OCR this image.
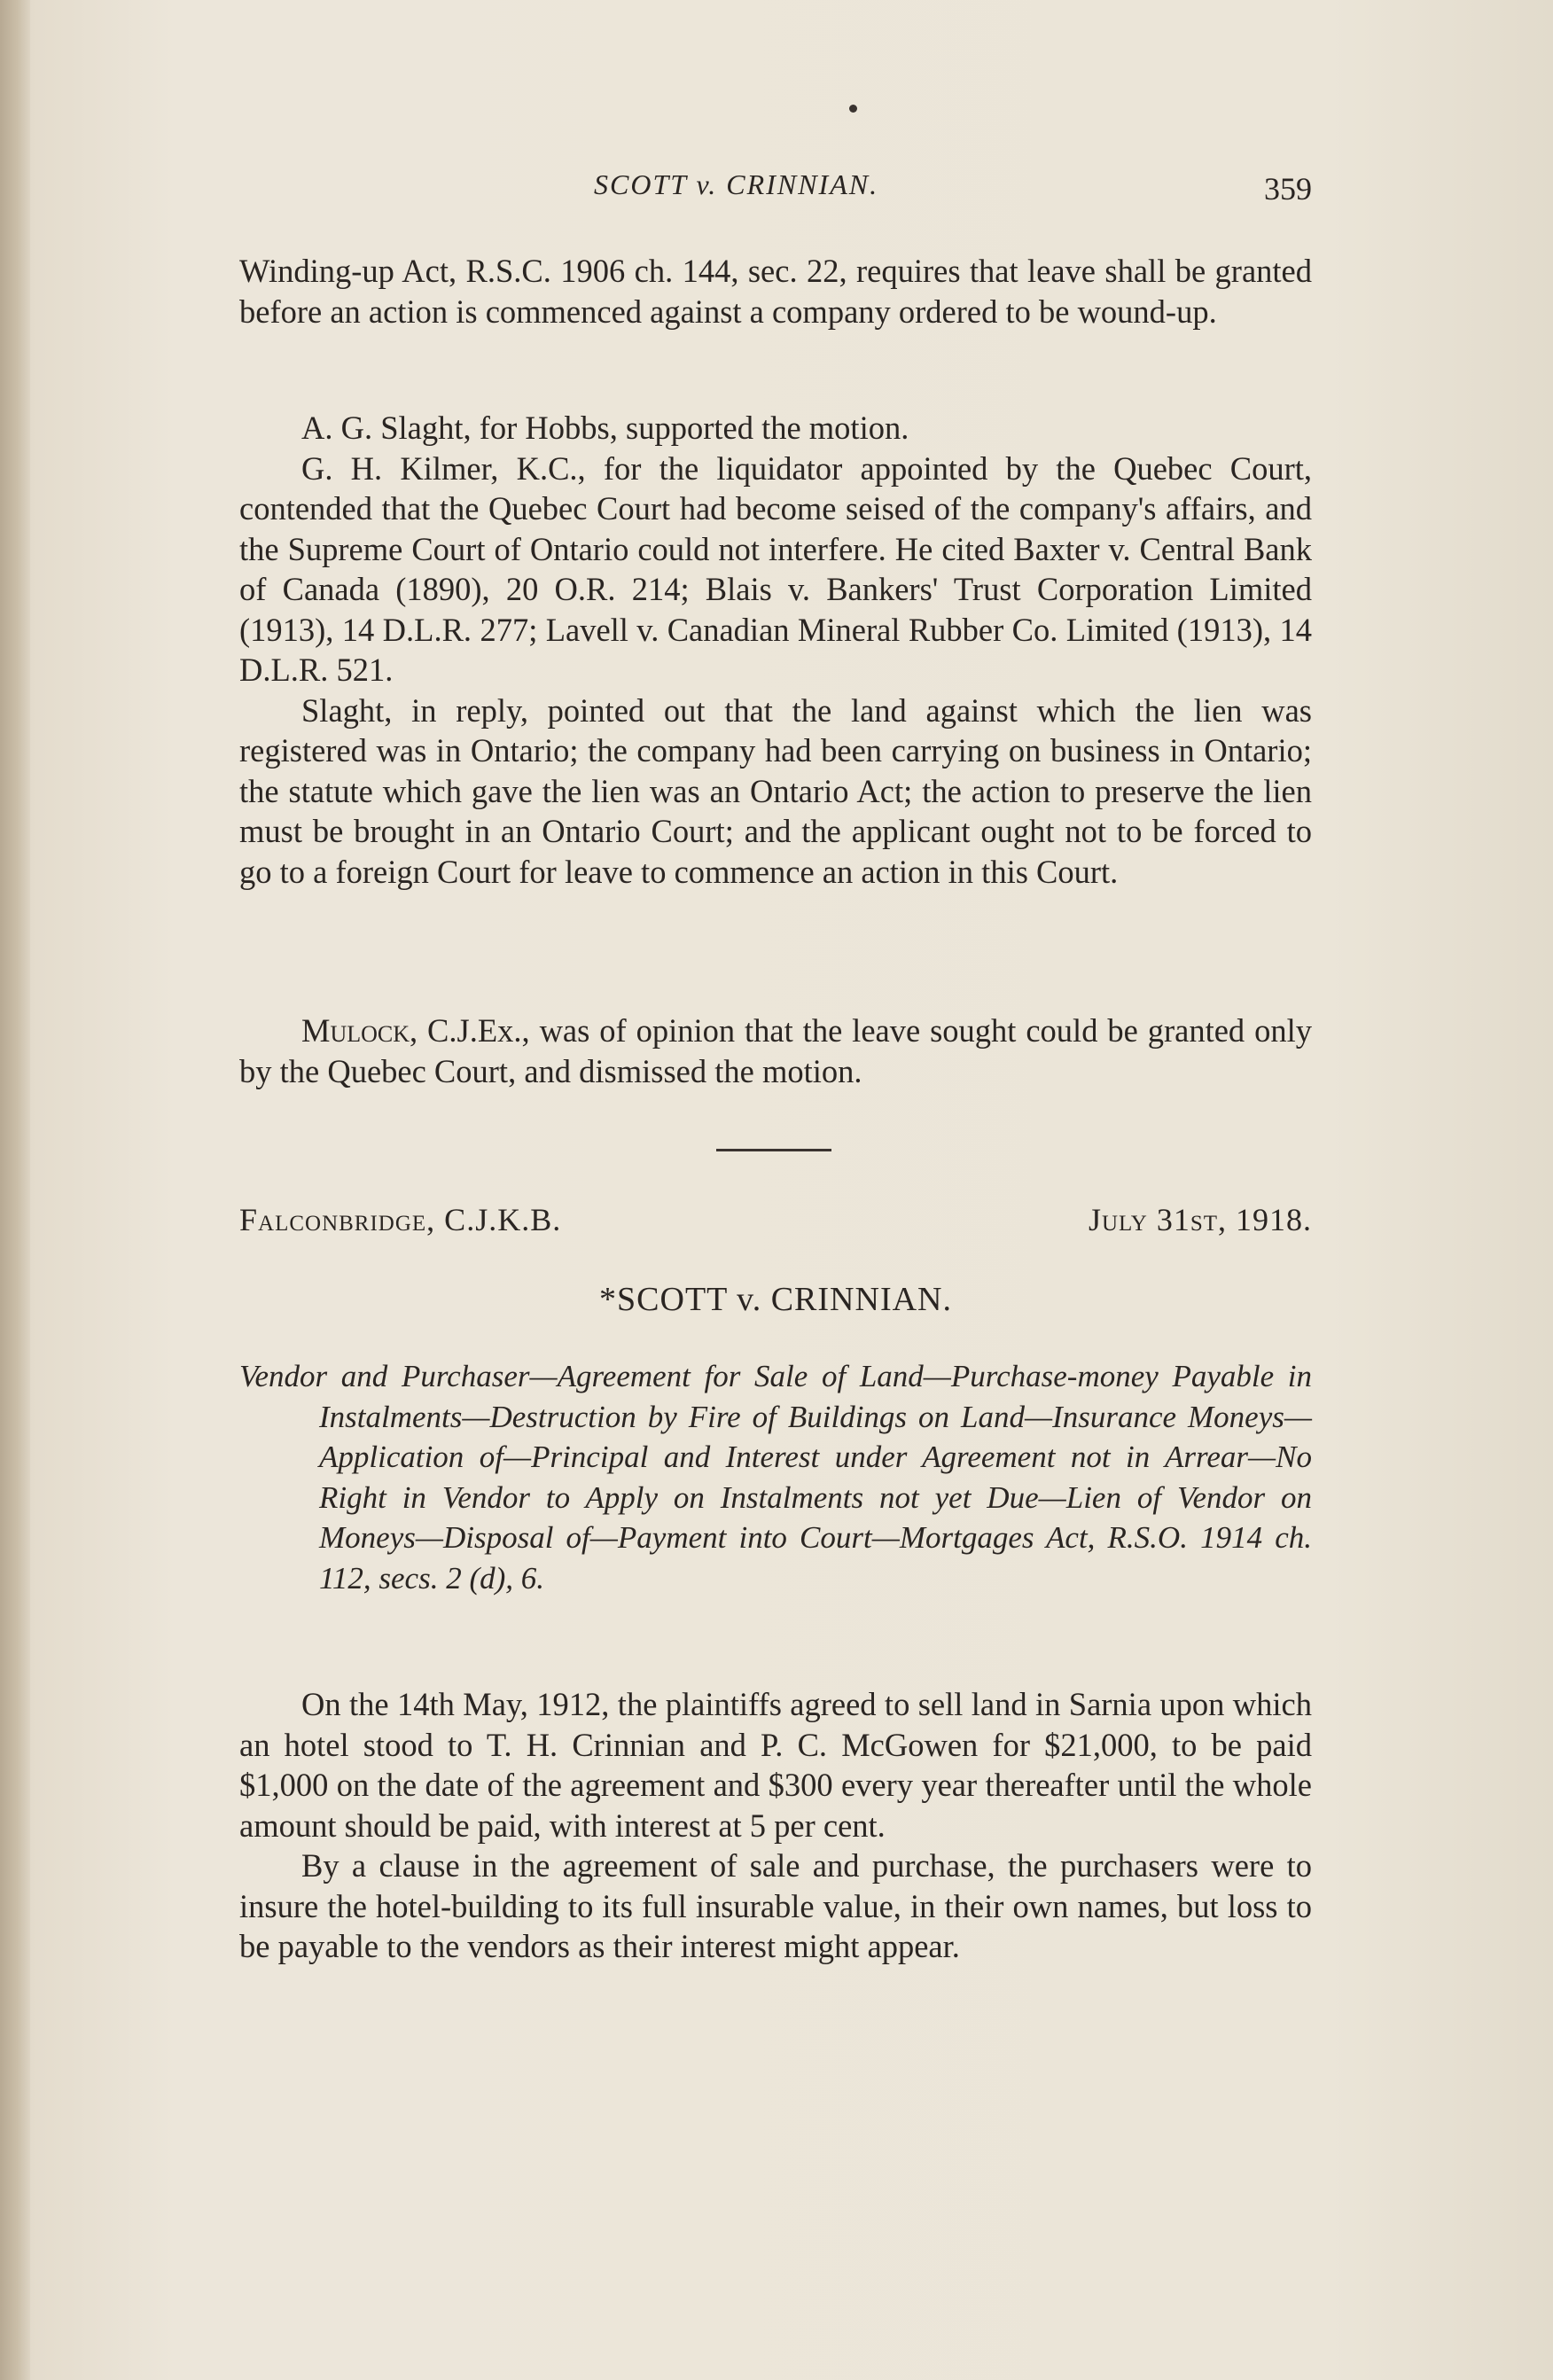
SCOTT v. CRINNIAN.	359

Winding-up Act, R.S.C. 1906 ch. 144, sec. 22, requires that leave shall be granted before an action is commenced against a company ordered to be wound-up.

A. G. Slaght, for Hobbs, supported the motion.

G. H. Kilmer, K.C., for the liquidator appointed by the Quebec Court, contended that the Quebec Court had become seised of the company's affairs, and the Supreme Court of Ontario could not interfere. He cited Baxter v. Central Bank of Canada (1890), 20 O.R. 214; Blais v. Bankers' Trust Corporation Limited (1913), 14 D.L.R. 277; Lavell v. Canadian Mineral Rubber Co. Limited (1913), 14 D.L.R. 521.

Slaght, in reply, pointed out that the land against which the lien was registered was in Ontario; the company had been carrying on business in Ontario; the statute which gave the lien was an Ontario Act; the action to preserve the lien must be brought in an Ontario Court; and the applicant ought not to be forced to go to a foreign Court for leave to commence an action in this Court.

Mulock, C.J.Ex., was of opinion that the leave sought could be granted only by the Quebec Court, and dismissed the motion.

Falconbridge, C.J.K.B.	July 31st, 1918.
*SCOTT v. CRINNIAN.
Vendor and Purchaser—Agreement for Sale of Land—Purchase-money Payable in Instalments—Destruction by Fire of Buildings on Land—Insurance Moneys—Application of—Principal and Interest under Agreement not in Arrear—No Right in Vendor to Apply on Instalments not yet Due—Lien of Vendor on Moneys—Disposal of—Payment into Court—Mortgages Act, R.S.O. 1914 ch. 112, secs. 2 (d), 6.

On the 14th May, 1912, the plaintiffs agreed to sell land in Sarnia upon which an hotel stood to T. H. Crinnian and P. C. McGowen for $21,000, to be paid $1,000 on the date of the agreement and $300 every year thereafter until the whole amount should be paid, with interest at 5 per cent.

By a clause in the agreement of sale and purchase, the purchasers were to insure the hotel-building to its full insurable value, in their own names, but loss to be payable to the vendors as their interest might appear.
